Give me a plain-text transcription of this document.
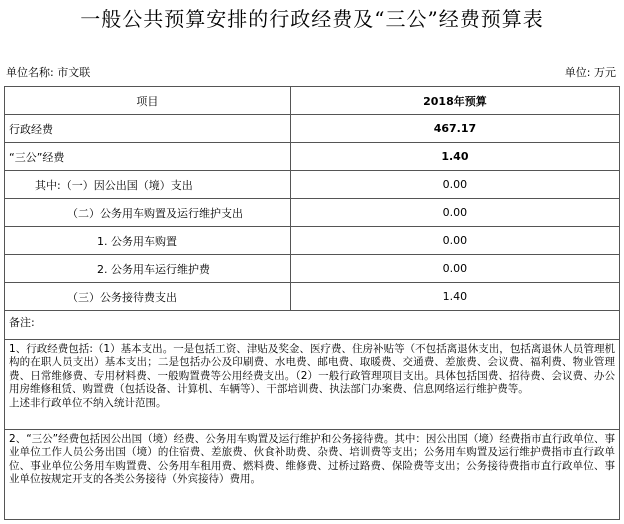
一般公共预算安排的行政经费及“三公”经费预算表
单位名称: 市文联	单位: 万元
项目	2018年预算
行政经费	467.17
“三公”经费	1.40
其中:（一）因公出国（境）支出	0.00
（二）公务用车购置及运行维护支出	0.00
1. 公务用车购置	0.00
2. 公务用车运行维护费	0.00
（三）公务接待费支出	1.40
备注:

1、行政经费包括:（1）基本支出。一是包括工资、津贴及奖金、医疗费、住房补贴等（不包括离退休支出，包括离退休人员管理机构的在职人员支出）基本支出；二是包括办公及印刷费、水电费、邮电费、取暖费、交通费、差旅费、会议费、福利费、物业管理费、日常维修费、专用材料费、一般购置费等公用经费支出。（2）一般行政管理项目支出。具体包括国费、招待费、会议费、办公用房维修租赁、购置费（包括设备、计算机、车辆等）、干部培训费、执法部门办案费、信息网络运行维护费等。

上述非行政单位不纳入统计范围。

2、“三公”经费包括因公出国（境）经费、公务用车购置及运行维护和公务接待费。其中：因公出国（境）经费指市直行政单位、事业单位工作人员公务出国（境）的住宿费、差旅费、伙食补助费、杂费、培训费等支出；公务用车购置及运行维护费指市直行政单位、事业单位公务用车购置费、公务用车租用费、燃料费、维修费、过桥过路费、保险费等支出；公务接待费指市直行政单位、事业单位按规定开支的各类公务接待（外宾接待）费用。
